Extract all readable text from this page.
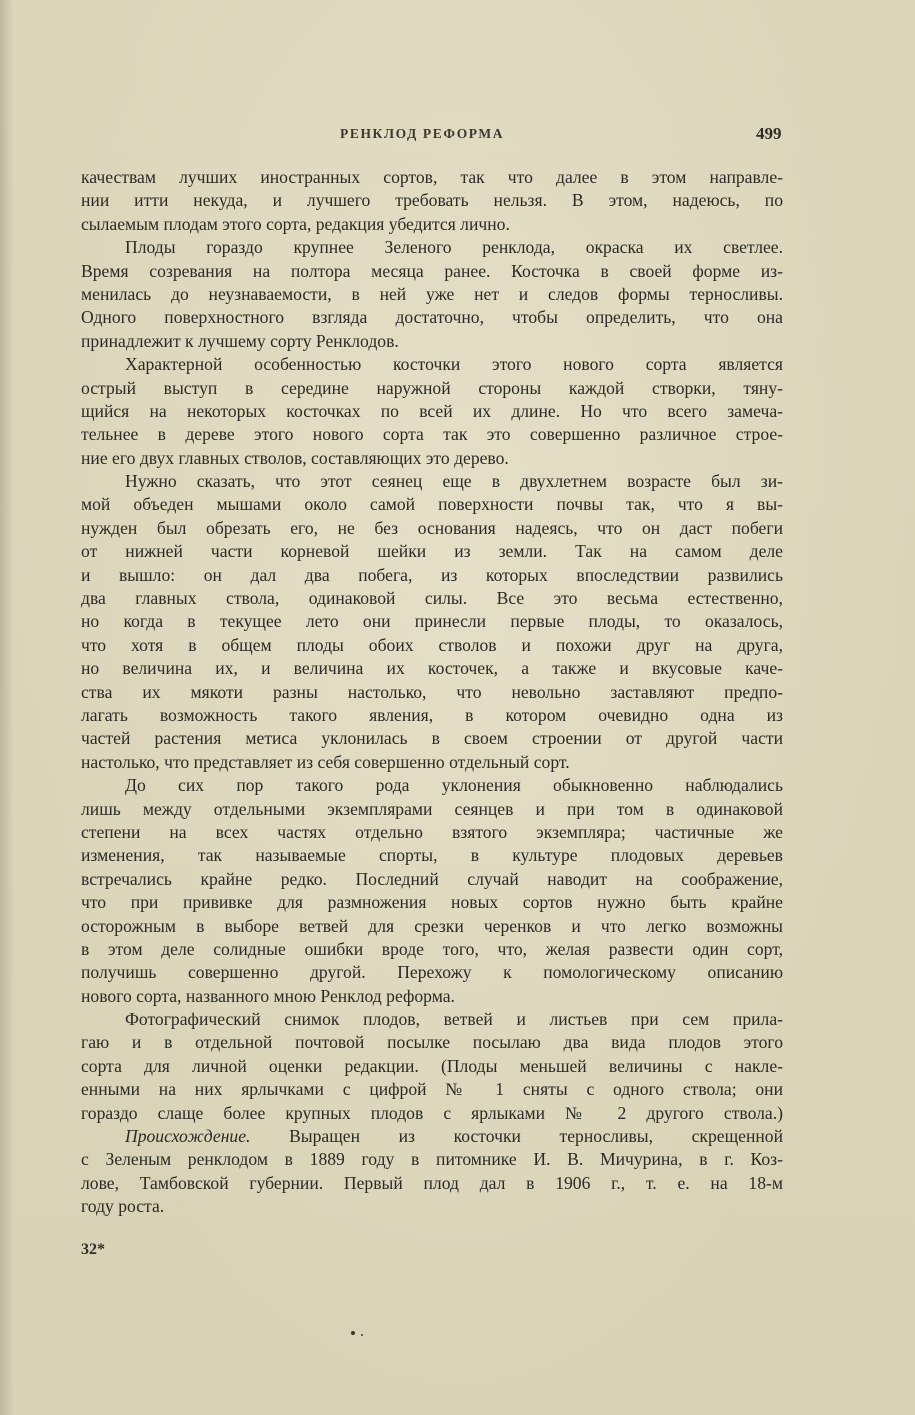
РЕНКЛОД РЕФОРМА	499
качествам лучших иностранных сортов, так что далее в этом направле-
нии итти некуда, и лучшего требовать нельзя. В этом, надеюсь, по
сылаемым плодам этого сорта, редакция убедится лично.
Плоды гораздо крупнее Зеленого ренклода, окраска их светлее.
Время созревания на полтора месяца ранее. Косточка в своей форме из-
менилась до неузнаваемости, в ней уже нет и следов формы терносливы.
Одного поверхностного взгляда достаточно, чтобы определить, что она
принадлежит к лучшему сорту Ренклодов.
Характерной особенностью косточки этого нового сорта является
острый выступ в середине наружной стороны каждой створки, тяну-
щийся на некоторых косточках по всей их длине. Но что всего замеча-
тельнее в дереве этого нового сорта так это совершенно различное строе-
ние его двух главных стволов, составляющих это дерево.
Нужно сказать, что этот сеянец еще в двухлетнем возрасте был зи-
мой объеден мышами около самой поверхности почвы так, что я вы-
нужден был обрезать его, не без основания надеясь, что он даст побеги
от нижней части корневой шейки из земли. Так на самом деле
и вышло: он дал два побега, из которых впоследствии развились
два главных ствола, одинаковой силы. Все это весьма естественно,
но когда в текущее лето они принесли первые плоды, то оказалось,
что хотя в общем плоды обоих стволов и похожи друг на друга,
но величина их, и величина их косточек, а также и вкусовые каче-
ства их мякоти разны настолько, что невольно заставляют предпо-
лагать возможность такого явления, в котором очевидно одна из
частей растения метиса уклонилась в своем строении от другой части
настолько, что представляет из себя совершенно отдельный сорт.
До сих пор такого рода уклонения обыкновенно наблюдались
лишь между отдельными экземплярами сеянцев и при том в одинаковой
степени на всех частях отдельно взятого экземпляра; частичные же
изменения, так называемые спорты, в культуре плодовых деревьев
встречались крайне редко. Последний случай наводит на соображение,
что при прививке для размножения новых сортов нужно быть крайне
осторожным в выборе ветвей для срезки черенков и что легко возможны
в этом деле солидные ошибки вроде того, что, желая развести один сорт,
получишь совершенно другой. Перехожу к помологическому описанию
нового сорта, названного мною Ренклод реформа.
Фотографический снимок плодов, ветвей и листьев при сем прила-
гаю и в отдельной почтовой посылке посылаю два вида плодов этого
сорта для личной оценки редакции. (Плоды меньшей величины с накле-
енными на них ярлычками с цифрой № 1 сняты с одного ствола; они
гораздо слаще более крупных плодов с ярлыками № 2 другого ствола.)
Происхождение. Выращен из косточки терносливы, скрещенной
с Зеленым ренклодом в 1889 году в питомнике И. В. Мичурина, в г. Коз-
лове, Тамбовской губернии. Первый плод дал в 1906 г., т. е. на 18-м
году роста.
32*
